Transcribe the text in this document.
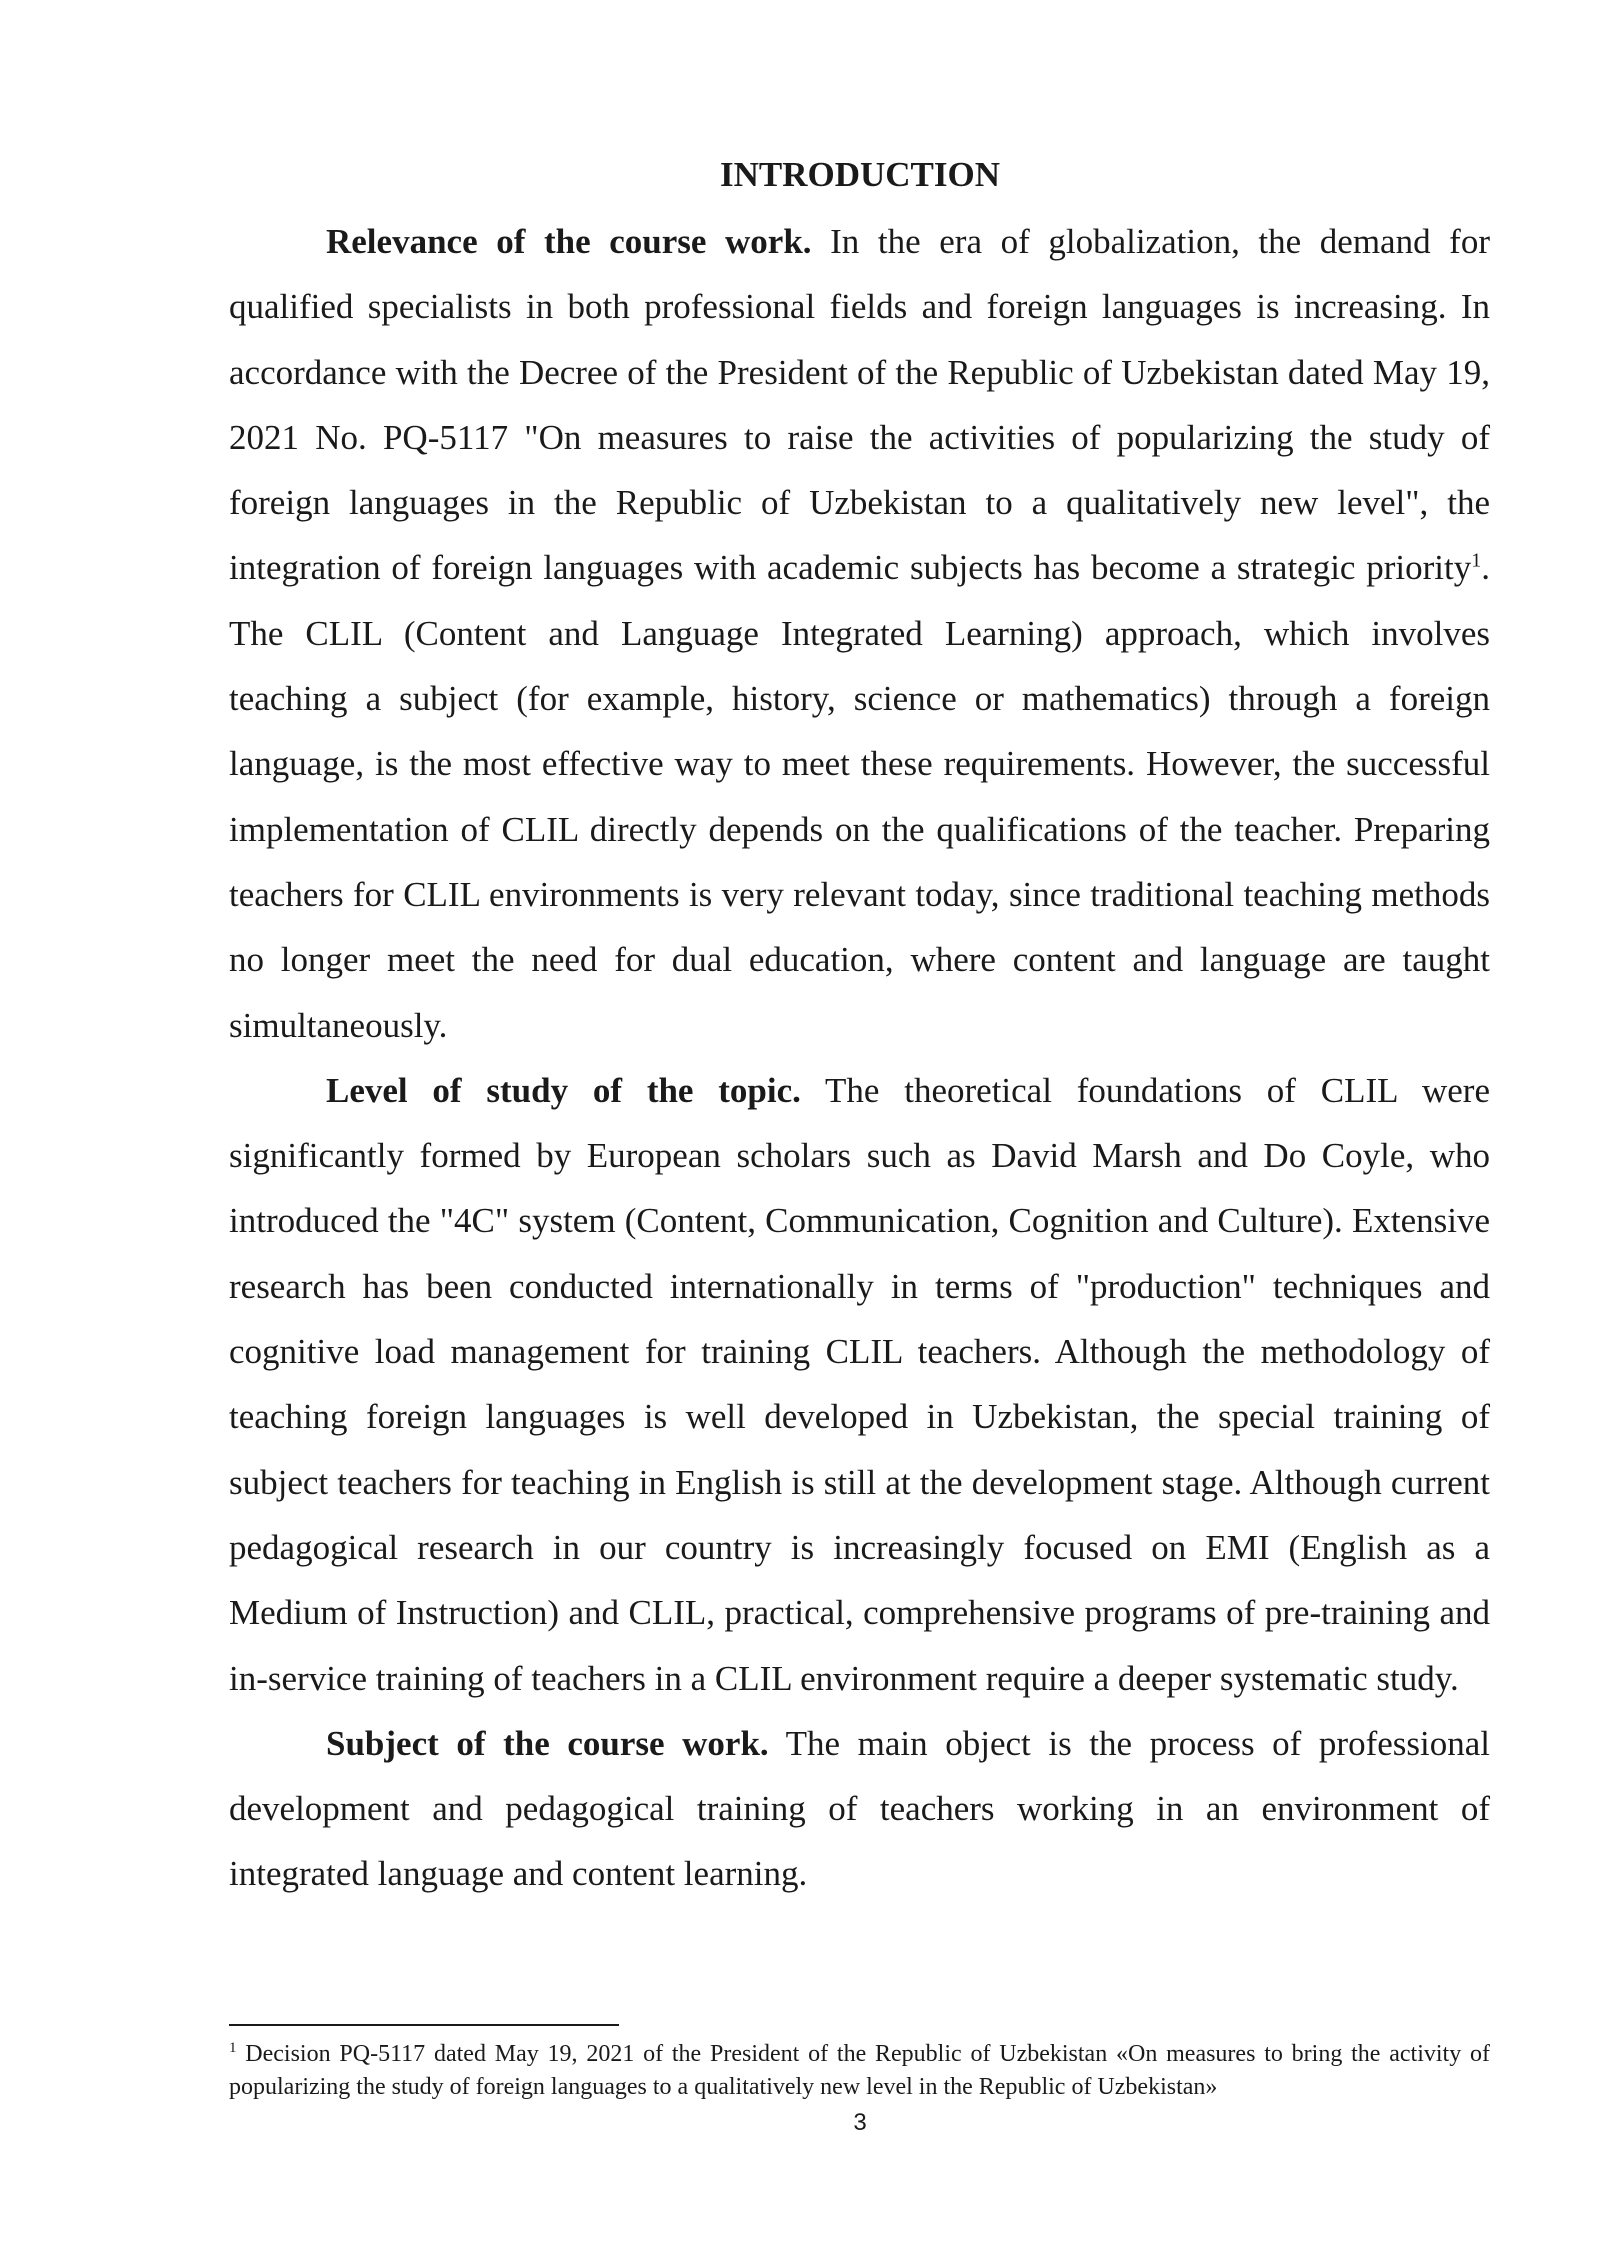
INTRODUCTION

Relevance of the course work. In the era of globalization, the demand for qualified specialists in both professional fields and foreign languages is increasing. In accordance with the Decree of the President of the Republic of Uzbekistan dated May 19, 2021 No. PQ-5117 "On measures to raise the activities of popularizing the study of foreign languages in the Republic of Uzbekistan to a qualitatively new level", the integration of foreign languages with academic subjects has become a strategic priority$^1$. The CLIL (Content and Language Integrated Learning) approach, which involves teaching a subject (for example, history, science or mathematics) through a foreign language, is the most effective way to meet these requirements. However, the successful implementation of CLIL directly depends on the qualifications of the teacher. Preparing teachers for CLIL environments is very relevant today, since traditional teaching methods no longer meet the need for dual education, where content and language are taught simultaneously.

Level of study of the topic. The theoretical foundations of CLIL were significantly formed by European scholars such as David Marsh and Do Coyle, who introduced the "4C" system (Content, Communication, Cognition and Culture). Extensive research has been conducted internationally in terms of "production" techniques and cognitive load management for training CLIL teachers. Although the methodology of teaching foreign languages is well developed in Uzbekistan, the special training of subject teachers for teaching in English is still at the development stage. Although current pedagogical research in our country is increasingly focused on EMI (English as a Medium of Instruction) and CLIL, practical, comprehensive programs of pre-training and in-service training of teachers in a CLIL environment require a deeper systematic study.

Subject of the course work. The main object is the process of professional development and pedagogical training of teachers working in an environment of integrated language and content learning.

$^1$ Decision PQ-5117 dated May 19, 2021 of the President of the Republic of Uzbekistan «On measures to bring the activity of popularizing the study of foreign languages to a qualitatively new level in the Republic of Uzbekistan»

3
